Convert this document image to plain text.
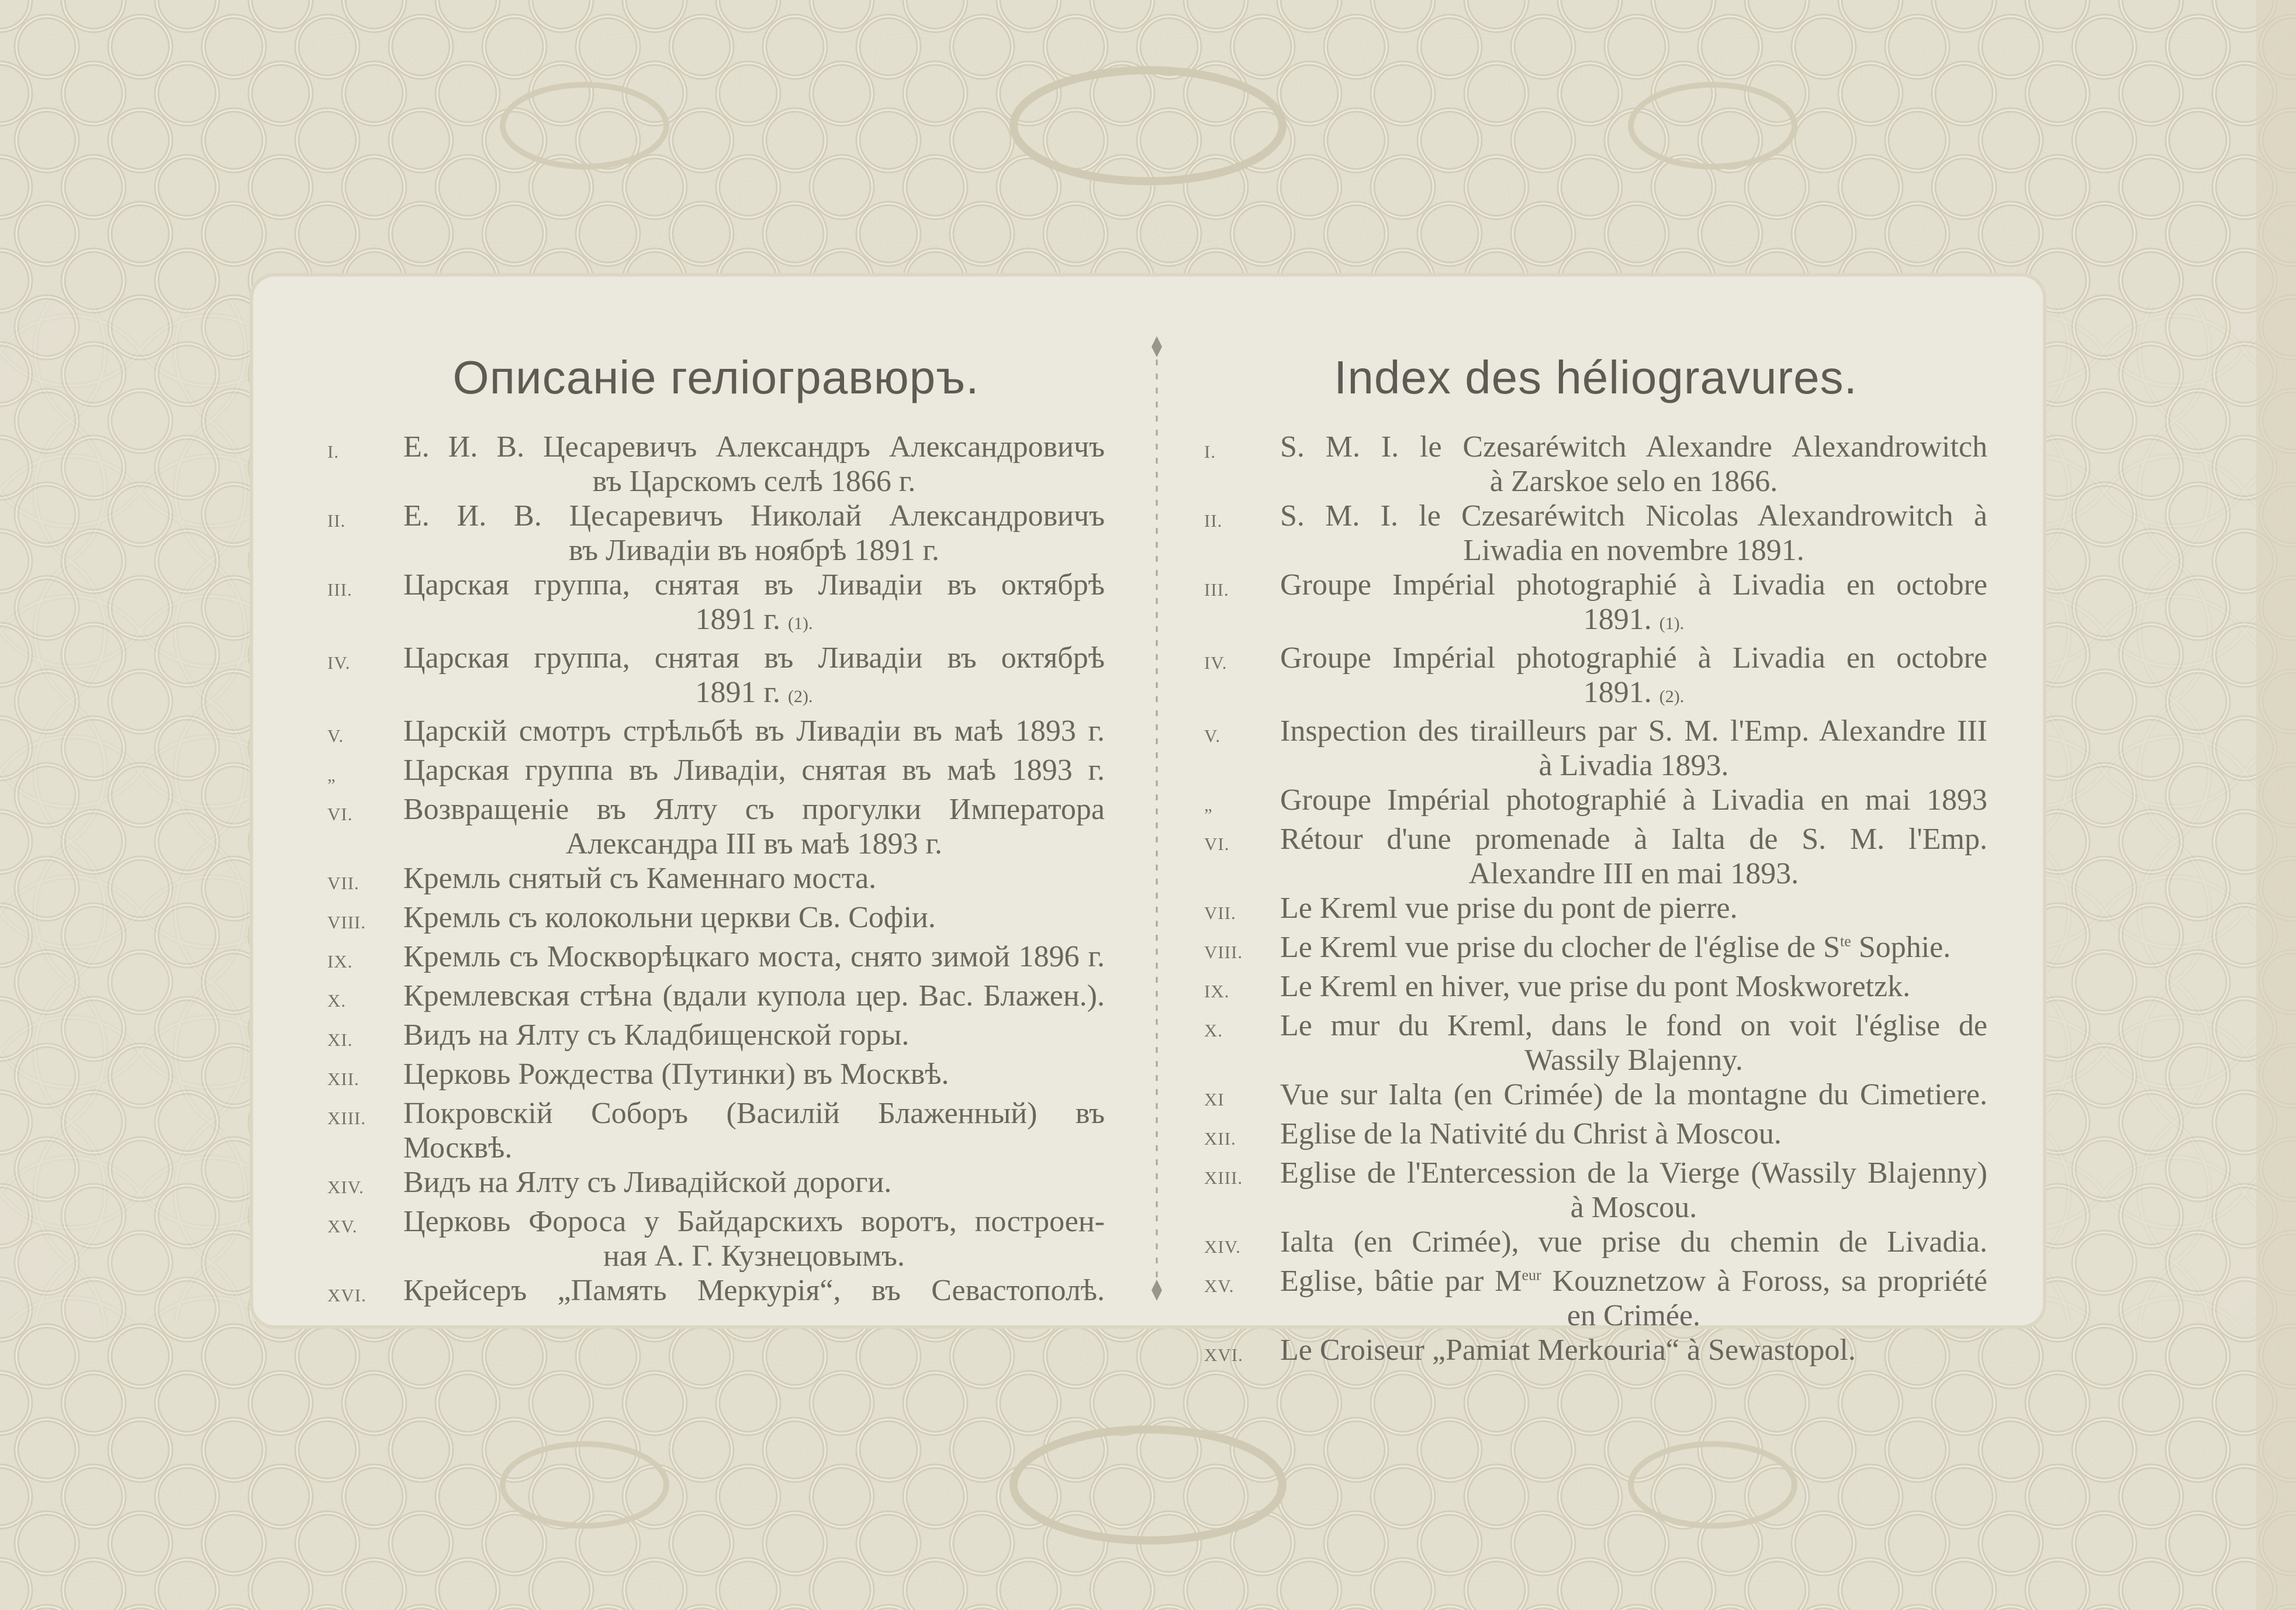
Описаніе геліогравюръ.	Index des héliogravures.
I.	Е. И. В. Цесаревичъ Александръ Александровичъ
въ Царскомъ селѣ 1866 г.
II.	Е. И. В. Цесаревичъ Николай Александровичъ
въ Ливадіи въ ноябрѣ 1891 г.
III.	Царская группа, снятая въ Ливадіи въ октябрѣ
1891 г. (1).
IV.	Царская группа, снятая въ Ливадіи въ октябрѣ
1891 г. (2).
V.	Царскій смотръ стрѣльбѣ въ Ливадіи въ маѣ 1893 г.
„	Царская группа въ Ливадіи, снятая въ маѣ 1893 г.
VI.	Возвращеніе въ Ялту съ прогулки Императора
Александра III въ маѣ 1893 г.
VII.	Кремль снятый съ Каменнаго моста.
VIII.	Кремль съ колокольни церкви Св. Софіи.
IX.	Кремль съ Москворѣцкаго моста, снято зимой 1896 г.
X.	Кремлевская стѣна (вдали купола цер. Вас. Блажен.).
XI.	Видъ на Ялту съ Кладбищенской горы.
XII.	Церковь Рождества (Путинки) въ Москвѣ.
XIII.	Покровскій Соборъ (Василій Блаженный) въ
Москвѣ.
XIV.	Видъ на Ялту съ Ливадійской дороги.
XV.	Церковь Фороса у Байдарскихъ воротъ, построен-
ная А. Г. Кузнецовымъ.
XVI.	Крейсеръ „Память Меркурія“, въ Севастополѣ.
I.	S. M. I. le Czesaréwitch Alexandre Alexandrowitch
à Zarskoe selo en 1866.
II.	S. M. I. le Czesaréwitch Nicolas Alexandrowitch à
Liwadia en novembre 1891.
III.	Groupe Impérial photographié à Livadia en octobre
1891. (1).
IV.	Groupe Impérial photographié à Livadia en octobre
1891. (2).
V.	Inspection des tirailleurs par S. M. l'Emp. Alexandre III
à Livadia 1893.
„	Groupe Impérial photographié à Livadia en mai 1893
VI.	Rétour d'une promenade à Ialta de S. M. l'Emp.
Alexandre III en mai 1893.
VII.	Le Kreml vue prise du pont de pierre.
VIII.	Le Kreml vue prise du clocher de l'église de $S^{te}$ Sophie.
IX.	Le Kreml en hiver, vue prise du pont Moskworetzk.
X.	Le mur du Kreml, dans le fond on voit l'église de
Wassily Blajenny.
XI	Vue sur Ialta (en Crimée) de la montagne du Cimetiere.
XII.	Eglise de la Nativité du Christ à Moscou.
XIII.	Eglise de l'Entercession de la Vierge (Wassily Blajenny)
à Moscou.
XIV.	Ialta (en Crimée), vue prise du chemin de Livadia.
XV.	Eglise, bâtie par $M^{eur}$ Kouznetzow à Foross, sa propriété
en Crimée.
XVI.	Le Croiseur „Pamiat Merkouria“ à Sewastopol.
